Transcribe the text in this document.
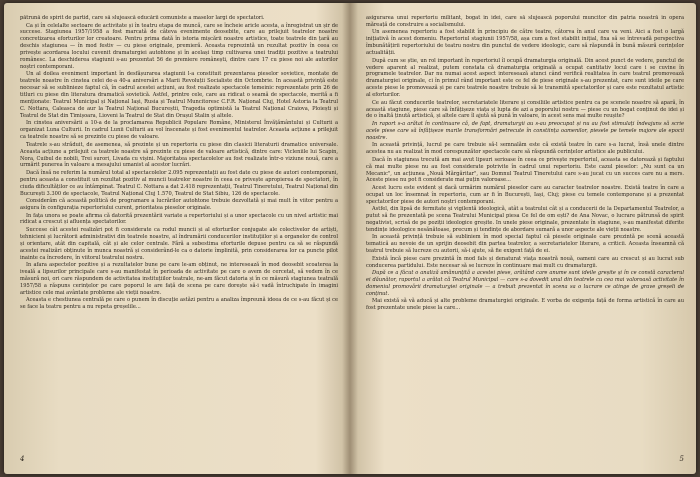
pătrună de spirit de partid, care să slujească educării comuniste a maselor largi de spectatori.

Ca și în celelalte sectoare de activitate și în teatru etapa de muncă, care se încheie aricle acesta, a înregistrat un șir de succese. Stagiunea 1957/1958 a fost marcată de câteva evenimente deosebite, care au prilejuit teatrelor noastre concretizarea eforturilor lor creatoare. Pentru prima dată în istoria mișcării noastre artistice, toate teatrele din țară au deschis stagiunea — în mod festiv — cu piese originale, premieră. Aceasta reprezintă un rezultat pozitiv în ceea ce privește acordarea locului cuvenit dramaturgiei autohtone și în același timp cultivarea unei tradiții pozitive a teatrului românesc. La deschiderea stagiunii s-au prezentat 56 de premiere românești, dintre care 17 cu piese noi ale autorilor noștri contemporani.

Un al doilea eveniment important în desfășurarea stagiunii l-a constituit prezentarea pieselor sovietice, montate de teatrele noastre în cinstea celei de-a 40-a aniversări a Marii Revoluții Socialiste din Octombrie. In această privință este necesar să se sublinieze faptul că, în cadrul acestei acțiuni, au fost realizate spectacole temeinic reprezentate prin 26 de titluri cu piese din literatura dramatică sovietică. Astfel, printre cele, care au ridicat o seamă de spectacole, merită a fi menționate: Teatrul Municipal și Național Iași, Rusia și Teatrul Muncitoresc C.F.R. Național Cluj, Hotel Astoria la Teatrul C. Nottara, Caleasca de aur la Teatrul Național Bucureștii, Tragedia optimistă la Teatrul Național Craiova, Ploiești și Teatrul de Stat din Timișoara, Lioveni la Teatrul de Stat din Orașul Stalin și altele.

In cinstea aniversării a 10-a de la proclamarea Republicii Populare Române, Ministerul Învățământului și Culturii a organizat Luna Culturii. In cadrul Lunii Culturii au vol înscenate și fost evenimentul teatrelor. Aceasta acțiune a prilejuit ca teatrele noastre să se prezinte cu piese de valoare.

Teatrele s-au străduit, de asemenea, să prezinte și un repertoriu cu piese din clasicii literaturii dramatice universale. Aceasta acțiune a prilejuit ca teatrele noastre să prezinte cu piese de valoare artistică, dintre care: Vicleniile lui Scapin, Nora, Cuibul de nobili, Trei surori, Livada cu vișini. Majoritatea spectacolelor au fost realizate într-o viziune nouă, care a urmărit punerea în valoare a mesajului umanist al acestor lucrări.

Dacă însă ne referim la numărul total al spectacolelor 2.095 reprezentații au fost date cu piese de autori contemporani, pentru aceasta a constituit un rezultat pozitiv al muncii teatrelor noastre în ceea ce privește apropierea de spectatori, în ciuda dificultăților ce au întâmpinat. Teatrul C. Nottara a dat 2.418 reprezentații, Teatrul Tineretului, Teatrul Național din București 3.300 de spectacole, Teatrul Național Cluj 1.570, Teatrul de Stat Sibiu, 126 de spectacole.

Considerăm că această politică de programare a lucrărilor autohtone trebuie dezvoltată și mai mult în viitor pentru a asigura în configurația repertoriului curent, prioritatea pieselor originale.

In fața unora se poate afirma că datorită prezentării variate a repertoriului și a unor spectacole cu un nivel artistic mai ridicat a crescut și afluența spectatorilor.

Succese cât acestei realizări pot fi considerate ca rodul muncii și al eforturilor conjugate ale colectivelor de artiști, tehnicieni și lucrătorii administrativi din teatrele noastre, al îndrumării conducerilor instituțiilor și a organelor de control și orientare, atât din capitală, cât și ale celor centrale. Fără a subestima eforturile depuse pentru ca să se răspundă acestei realizări obținute în munca noastră și considerând-le ca o datorie împlinită, prin considerarea lor ca puncte pilot inainte ca încredere, în viitorul teatrului nostru.

In afara aspectelor pozitive și a rezultatelor bune pe care le-am obținut, ne interesează în mod deosebit scoaterea la iveală a lipsurilor principale care s-au manifestat în perioada de activitate pe care o avem de cercetat, să vedem în ce măsură noi, ori care răspundem de activitatea instituțiilor teatrale, ne-am făcut datoria și în ce măsură stagiunea teatrală 1957/58 a răspuns cerințelor pe care poporul le are față de scena pe care dorește să-i vadă întruchipate în imagini artistice cele mai avântate probleme ale vieții noastre.

Aceasta e chestiunea centrală pe care o punem în discuție astăzi pentru a analiza împreună ideea de ce s-au făcut și ce se face la teatru pentru a nu repeta greșelile...

4

asigurarea unui repertoriu militant, bogat în idei, care să slujească poporului muncitor din patria noastră în opera măreață de construire a socialismului.

Un asemenea repertoriu a fost stabilit în principiu de către teatre, câtorva în anul care va veni. Aici a fost o largă inițiativă în acest domeniu. Repertoriul stagiunii 1957/58, așa cum a fost stabilit inițial, fixa să se întrevadă perspectiva îmbunătățirii repertoriului de teatru nostru din punctul de vedere ideologic, care să răspundă în bună măsură cerințelor actualității.

După cum se știe, un rol important în repertoriul îl ocupă dramaturgia originală. Din acest punct de vedere, punctul de vedere aparent al realizat, putem constata că dramaturgia originală a ocupat cantitativ locul care i se cuvine în programele teatrelor. Dar nu numai acest aspect interesează atunci când verifică realitatea în care teatrul promovează dramaturgiei originale, ci în primul rând important este ce fel de piese originale s-au prezentat, care sunt ideile pe care aceste piese le promovează și pe care teatrele noastre trebuie să le transmită spectatorilor și care este rezultatul artistic al eforturilor.

Ce au făcut conducerile teatrelor, secretariatele literare și consiliile artistice pentru ca pe scenele noastre să apară, în această stagiune, piese care să înfățișeze viața și lupta de azi a poporului nostru — piese cu un bogat conținut de idei și de o înaltă ținută artistică, și altele care îl ajută să pună în valoare, în acest sens mai multe reușite?

In raport s-a arătat în continuare că, de fapt, dramaturgii au s-au preocupat și nu au fost stimulați îndeajuns să scrie acele piese care să înfățișeze marile transformări petrecute în constiința oamenilor, piesele pe temele majore ale epocii noastre.

In această privință, lucrul pe care trebuie să-l semnalăm este că există teatre în care s-a lucrat, însă unele dintre acestea nu au realizat în mod corespunzător spectacole care să răspundă cerințelor artistice ale publicului.

Dacă în stagiunea trecută am mai avut lipsuri serioase în ceea ce privește repertoriul, aceasta se datorează și faptului că mai multe piese nu au fost considerate potrivite în cadrul unui repertoriu. Este cazul pieselor: „Nu sunt ca un Mecanic", un acțiunea „Nouă Mărgăritar", sau Domnul Teatrul Tineretului care s-au jucat cu un succes care nu a mers. Aceste piese nu pot fi considerate mai puțin valoroase...

Acest lucru este evident și dacă urmărim numărul pieselor care au caracter teatrelor noastre. Există teatre în care a ocupat un loc însemnat în repertoriu, cum ar fi în București, Iași, Cluj; piese cu temele contemporane și a prezentat spectatorilor piese de autori noștri contemporani.

Astfel, din lipsă de fermitate și vigilentă ideologică, atât a teatrului cât și a conducerii de la Departamentul Teatrelor, a putut să fie prezentată pe scena Teatrului Municipal piesa Ce fel de om ești? de Ana Novac, o lucrare pătrunsă de spirit negativist, scrisă de pe poziții ideologice greșite. In unele piese originale, prezentate în stagiune, s-au manifestat diferite tendințe ideologice nesănătoase, precum și tendințe de abordare sumară a unor aspecte ale vieții noastre.

In această privință trebuie să subliniem în mod special faptul că piesele originale care prezintă pe scenă această tematică au nevoie de un sprijin deosebit din partea teatrelor, a secretariatelor literare, a criticii. Aceasta înseamnă că teatrul trebuie să lucreze cu autorii, să-i ajute, să fie exigent față de ei.

Există încă piese care prezintă în mod fals și denaturat viața noastră nouă, oameni care au crescut și au lucrat sub conducerea partidului. Este necesar să se lucreze în continuare mai mult cu dramaturgii.

După ce a făcut o analiză amănunțită a acestei piese, arătând care anume sunt ideile greșite și în ce constă caracterul ei dăunător, raportul a arătat că Teatrul Municipal — care s-a dovedit unul din teatrele cu cea mai valoroasă activitate în domeniul promovării dramaturgiei originale — a trebuit prezentat în scena sa o lucrare ce atinge de grave greșeli de conținut.

Mai există să vă aducă și alte probleme dramaturgiei originale. E vorba de exigența față de forma artistică în care au fost prezentate unele piese la care...

5
